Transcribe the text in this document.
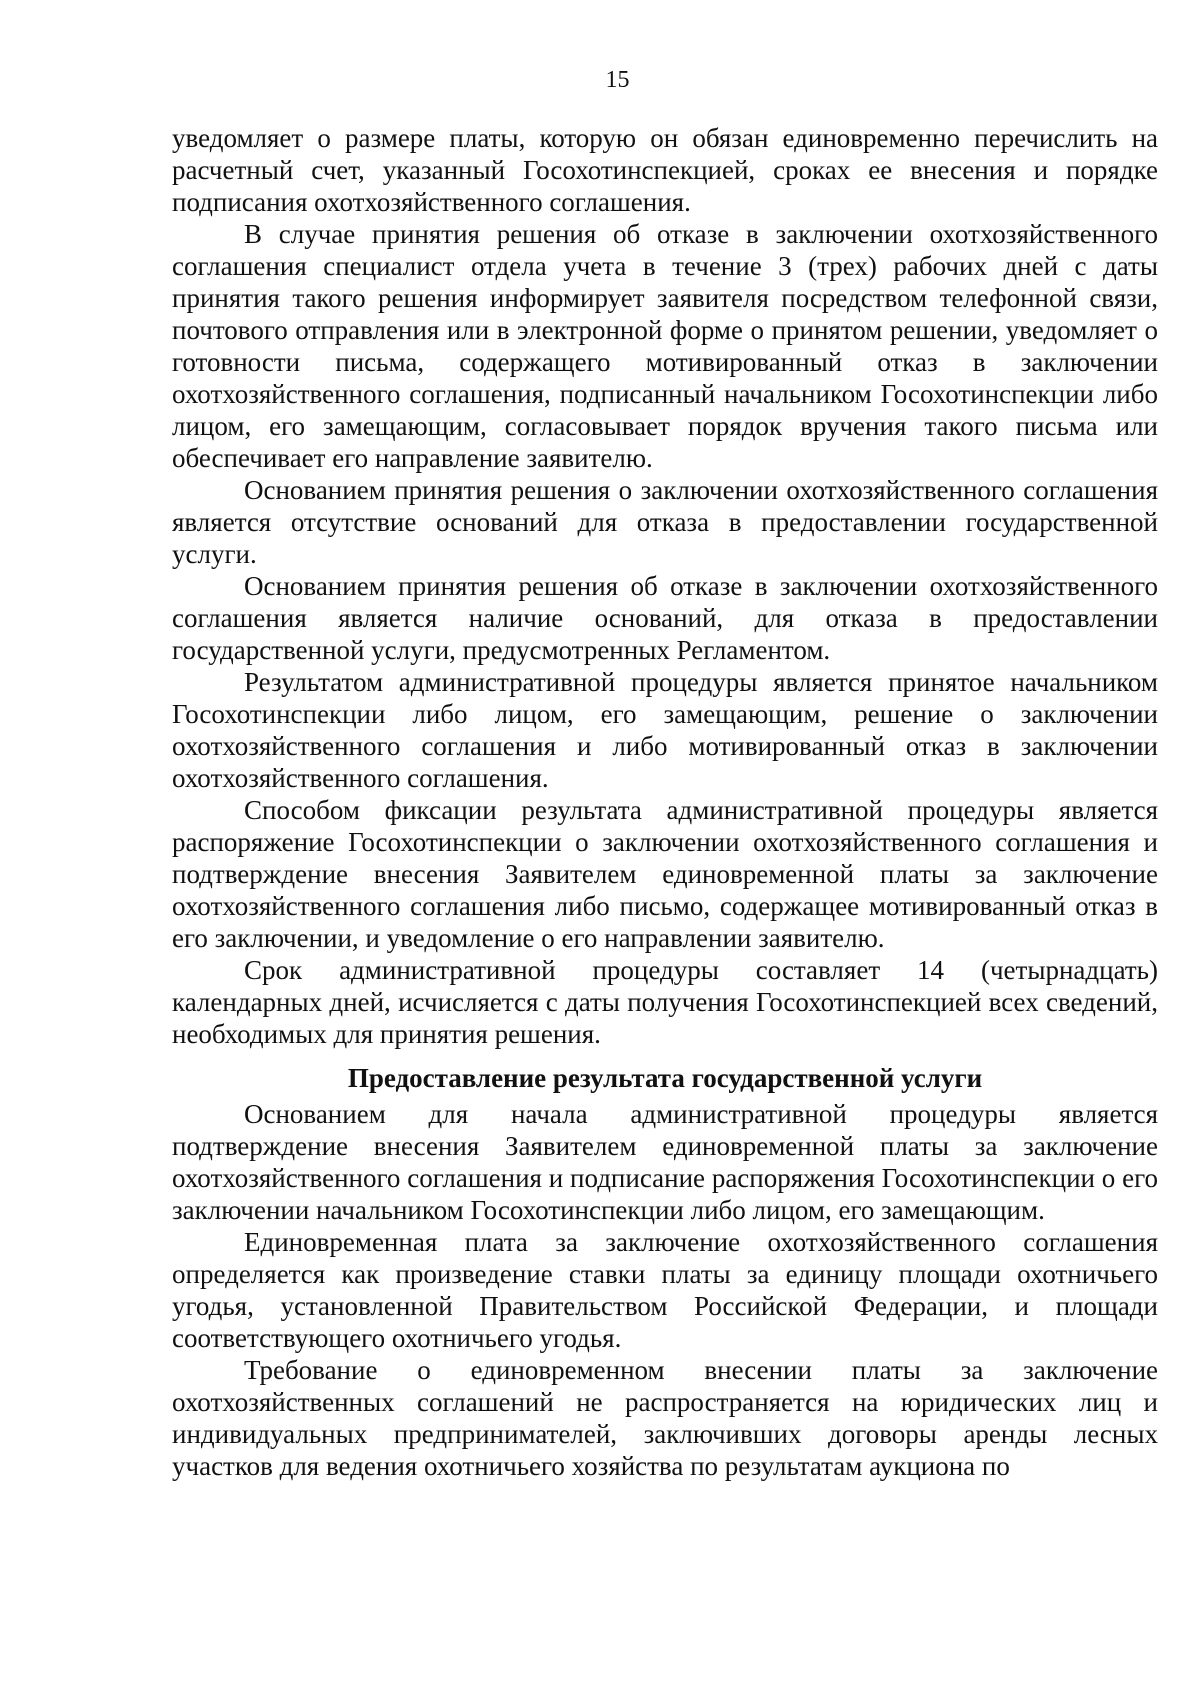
15

уведомляет о размере платы, которую он обязан единовременно перечислить на расчетный счет, указанный Госохотинспекцией, сроках ее внесения и порядке подписания охотхозяйственного соглашения.

В случае принятия решения об отказе в заключении охотхозяйственного соглашения специалист отдела учета в течение 3 (трех) рабочих дней с даты принятия такого решения информирует заявителя посредством телефонной связи, почтового отправления или в электронной форме о принятом решении, уведомляет о готовности письма, содержащего мотивированный отказ в заключении охотхозяйственного соглашения, подписанный начальником Госохотинспекции либо лицом, его замещающим, согласовывает порядок вручения такого письма или обеспечивает его направление заявителю.

Основанием принятия решения о заключении охотхозяйственного соглашения является отсутствие оснований для отказа в предоставлении государственной услуги.

Основанием принятия решения об отказе в заключении охотхозяйственного соглашения является наличие оснований, для отказа в предоставлении государственной услуги, предусмотренных Регламентом.

Результатом административной процедуры является принятое начальником Госохотинспекции либо лицом, его замещающим, решение о заключении охотхозяйственного соглашения и либо мотивированный отказ в заключении охотхозяйственного соглашения.

Способом фиксации результата административной процедуры является распоряжение Госохотинспекции о заключении охотхозяйственного соглашения и подтверждение внесения Заявителем единовременной платы за заключение охотхозяйственного соглашения либо письмо, содержащее мотивированный отказ в его заключении, и уведомление о его направлении заявителю.

Срок административной процедуры составляет 14 (четырнадцать) календарных дней, исчисляется с даты получения Госохотинспекцией всех сведений, необходимых для принятия решения.

Предоставление результата государственной услуги

Основанием для начала административной процедуры является подтверждение внесения Заявителем единовременной платы за заключение охотхозяйственного соглашения и подписание распоряжения Госохотинспекции о его заключении начальником Госохотинспекции либо лицом, его замещающим.

Единовременная плата за заключение охотхозяйственного соглашения определяется как произведение ставки платы за единицу площади охотничьего угодья, установленной Правительством Российской Федерации, и площади соответствующего охотничьего угодья.

Требование о единовременном внесении платы за заключение охотхозяйственных соглашений не распространяется на юридических лиц и индивидуальных предпринимателей, заключивших договоры аренды лесных участков для ведения охотничьего хозяйства по результатам аукциона по
